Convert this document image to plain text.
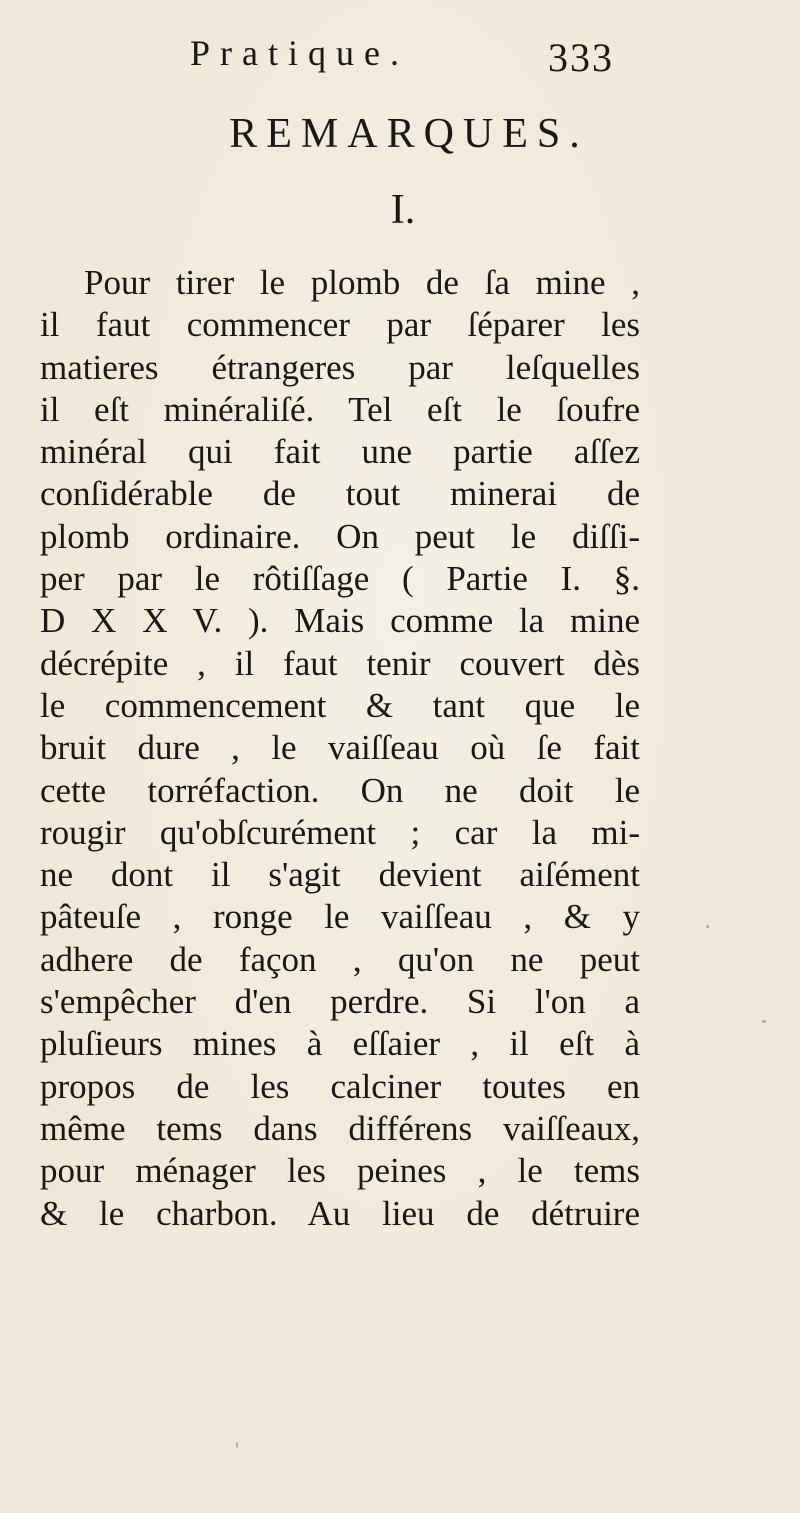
Pratique.	333
REMARQUES.
I.
Pour tirer le plomb de ſa mine ,
il faut commencer par ſéparer les
matieres étrangeres par leſquelles
il eſt minéraliſé. Tel eſt le ſoufre
minéral qui fait une partie aſſez
conſidérable de tout minerai de
plomb ordinaire. On peut le diſſi-
per par le rôtiſſage ( Partie I. §.
D X X V. ). Mais comme la mine
décrépite , il faut tenir couvert dès
le commencement & tant que le
bruit dure , le vaiſſeau où ſe fait
cette torréfaction. On ne doit le
rougir qu'obſcurément ; car la mi-
ne dont il s'agit devient aiſément
pâteuſe , ronge le vaiſſeau , & y
adhere de façon , qu'on ne peut
s'empêcher d'en perdre. Si l'on a
pluſieurs mines à eſſaier , il eſt à
propos de les calciner toutes en
même tems dans différens vaiſſeaux,
pour ménager les peines , le tems
& le charbon. Au lieu de détruire
